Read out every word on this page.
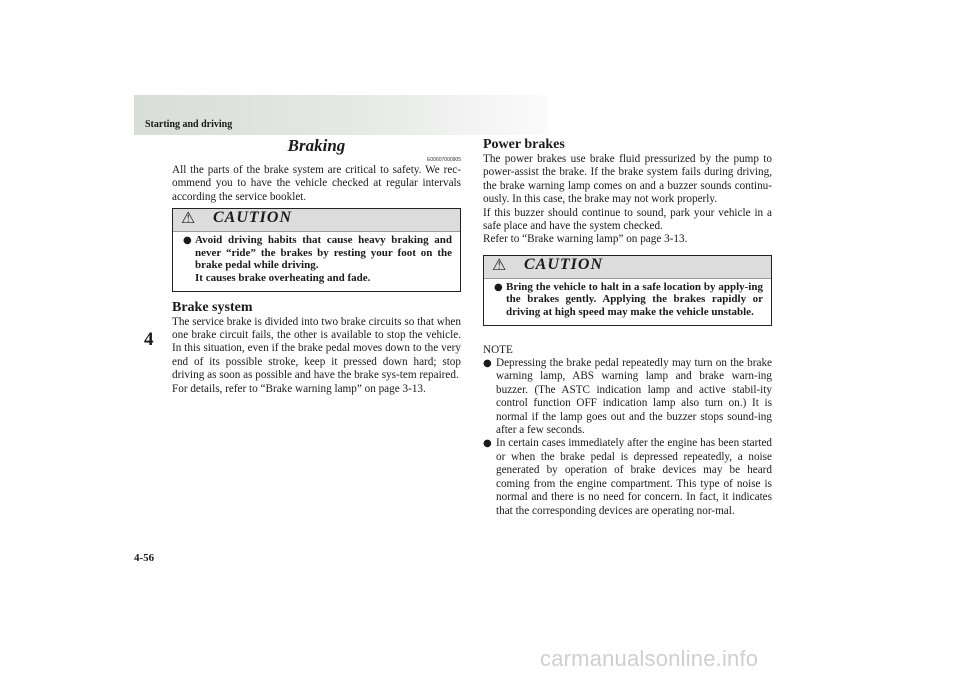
Starting and driving
4
Braking
E00607000905

All the parts of the brake system are critical to safety. We rec-ommend you to have the vehicle checked at regular intervals according the service booklet.

⚠ CAUTION
● Avoid driving habits that cause heavy braking and never “ride” the brakes by resting your foot on the brake pedal while driving.
It causes brake overheating and fade.
Brake system

The service brake is divided into two brake circuits so that when one brake circuit fails, the other is available to stop the vehicle. In this situation, even if the brake pedal moves down to the very end of its possible stroke, keep it pressed down hard; stop driving as soon as possible and have the brake sys-tem repaired.

For details, refer to “Brake warning lamp” on page 3-13.

Power brakes

The power brakes use brake fluid pressurized by the pump to power-assist the brake. If the brake system fails during driving, the brake warning lamp comes on and a buzzer sounds continu-ously. In this case, the brake may not work properly.

If this buzzer should continue to sound, park your vehicle in a safe place and have the system checked.

Refer to “Brake warning lamp” on page 3-13.

⚠ CAUTION
● Bring the vehicle to halt in a safe location by apply-ing the brakes gently. Applying the brakes rapidly or driving at high speed may make the vehicle unstable.
NOTE
● Depressing the brake pedal repeatedly may turn on the brake warning lamp, ABS warning lamp and brake warn-ing buzzer. (The ASTC indication lamp and active stabil-ity control function OFF indication lamp also turn on.) It is normal if the lamp goes out and the buzzer stops sound-ing after a few seconds.
● In certain cases immediately after the engine has been started or when the brake pedal is depressed repeatedly, a noise generated by operation of brake devices may be heard coming from the engine compartment. This type of noise is normal and there is no need for concern. In fact, it indicates that the corresponding devices are operating nor-mal.
4-56
carmanualsonline.info
